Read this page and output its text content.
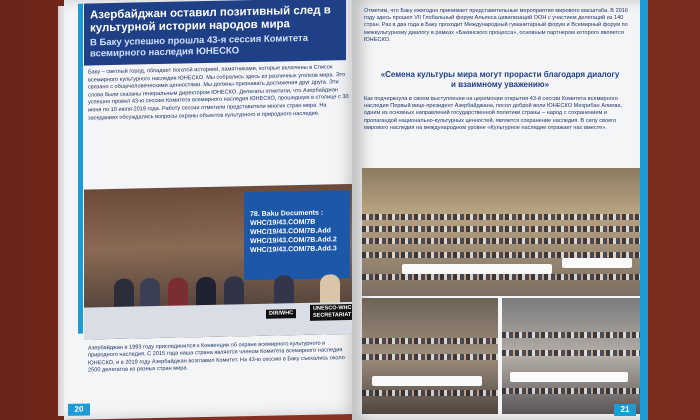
Азербайджан оставил позитивный след в культурной истории народов мира
В Баку успешно прошла 43-я сессия Комитета всемирного наследия ЮНЕСКО
Баку – светлый город, обладает богатой историей, памятниками, которые включены в Список всемирного культурного наследия ЮНЕСКО. Мы собрались здесь из различных уголков мира. Это связано с общечеловеческими ценностями. Мы должны признавать достижения друг друга. Эти слова были сказаны генеральным директором ЮНЕСКО. Делегаты отметили, что Азербайджан успешно провел 43-ю сессию Комитета всемирного наследия ЮНЕСКО, прошедшую в столице с 30 июня по 10 июля 2019 года. Работу сессии отметили представители многих стран мира. На заседаниях обсуждались вопросы охраны объектов культурного и природного наследия.
78. Baku Documents :
WHC/19/43.COM/7B
WHC/19/43.COM/7B.Add
WHC/19/43.COM/7B.Add.2
WHC/19/43.COM/7B.Add.3
DIR/WHC
UNESCO-WHC
SECRETARIAT
Азербайджан в 1993 году присоединился к Конвенции об охране всемирного культурного и природного наследия. С 2015 года наша страна является членом Комитета всемирного наследия ЮНЕСКО, и в 2019 году Азербайджан возглавил Комитет. На 43-ю сессию в Баку съехались около 2500 делегатов из разных стран мира.
20
Отметим, что Баку ежегодно принимает представительные мероприятия мирового масштаба. В 2016 году здесь прошел VII Глобальный форум Альянса цивилизаций ООН с участием делегаций из 140 стран. Раз в два года в Баку проходит Международный гуманитарный форум и Всемирный форум по межкультурному диалогу в рамках «Бакинского процесса», основным партнером которого является ЮНЕСКО.
«Семена культуры мира могут прорасти благодаря диалогу и взаимному уважению»
Как подчеркнула в своем выступлении на церемонии открытия 43-й сессии Комитета всемирного наследия Первый вице-президент Азербайджана, посол доброй воли ЮНЕСКО Мехрибан Алиева, одним из основных направлений государственной политики страны – народ с сохранением и пропагандой национально-культурных ценностей, является сохранение наследия. В силу своего мирового наследия на международном уровне «Культурное наследие отражает нас вместе».
21
